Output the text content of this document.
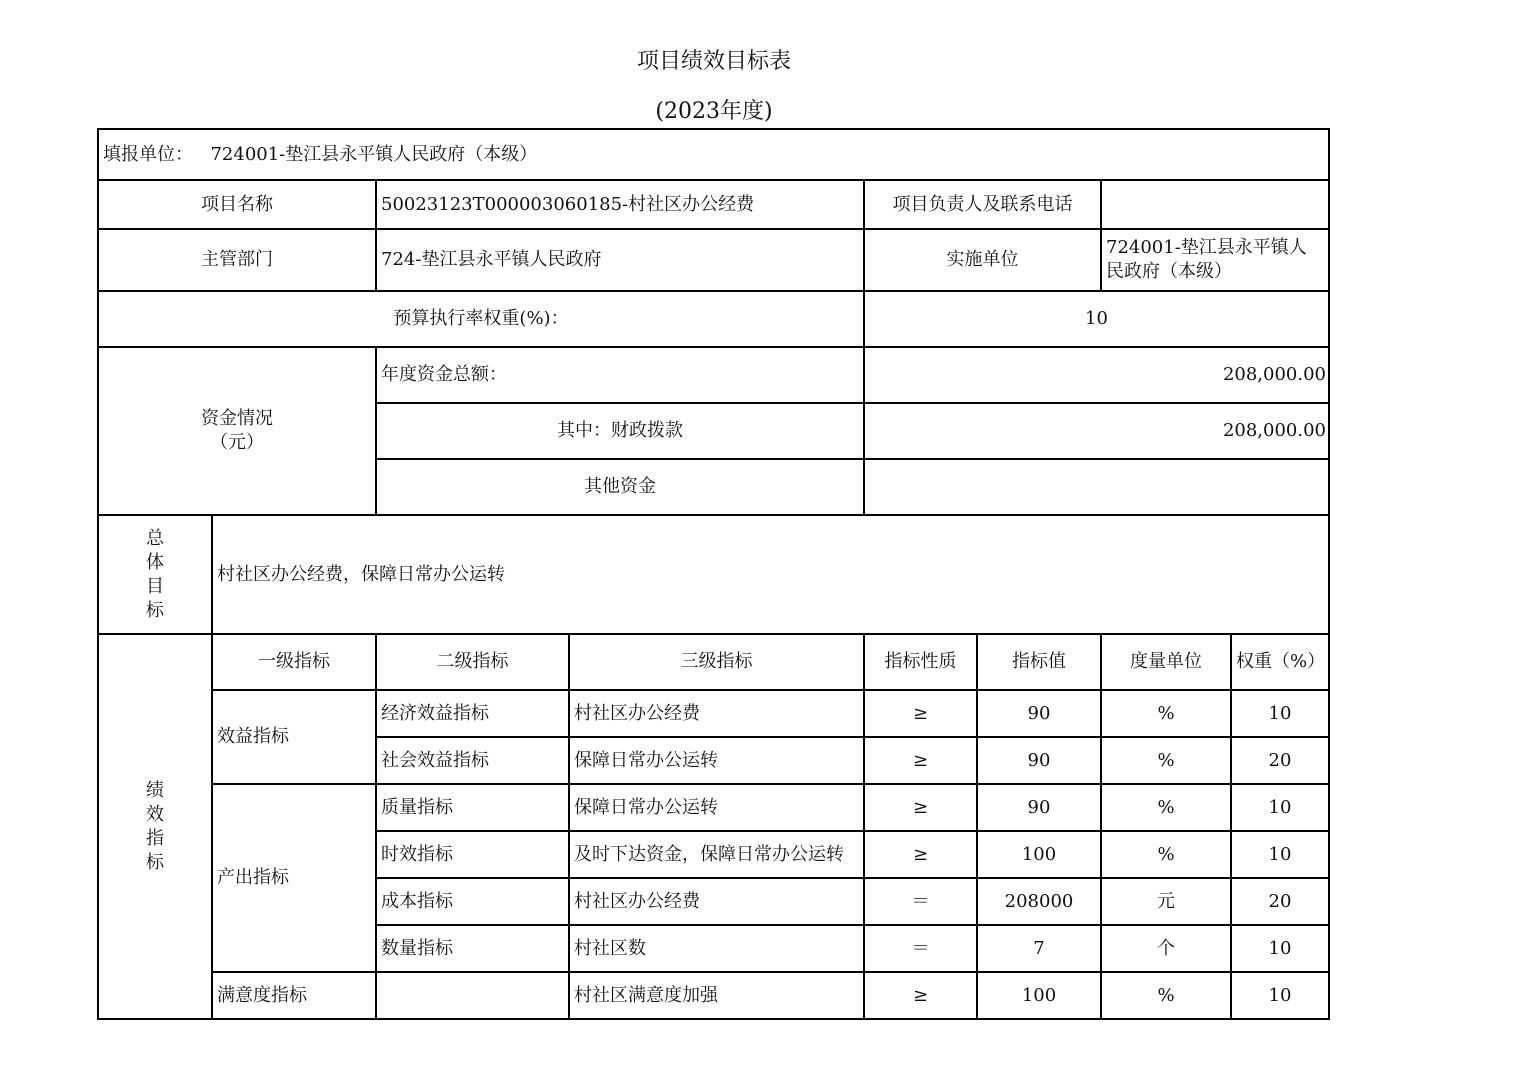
项目绩效目标表
(2023年度)
填报单位： 724001-垫江县永平镇人民政府（本级）							
项目名称		50023123T000003060185-村社区办公经费		项目负责人及联系电话			
主管部门		724-垫江县永平镇人民政府		实施单位		724001-垫江县永平镇人民政府（本级）	
预算执行率权重(%)：				10			

资金情况
（元）		年度资金总额：		208,000.00			
		其中：财政拨款		208,000.00			
		其他资金					

总
体
目
标	村社区办公经费，保障日常办公运转						

绩
效
指
标	一级指标	二级指标	三级指标	指标性质	指标值	度量单位	权重（%）
	效益指标	经济效益指标	村社区办公经费	≥	90	%	10
		社会效益指标	保障日常办公运转	≥	90	%	20
	产出指标	质量指标	保障日常办公运转	≥	90	%	10
		时效指标	及时下达资金，保障日常办公运转	≥	100	%	10
		成本指标	村社区办公经费	＝	208000	元	20
		数量指标	村社区数	＝	7	个	10
	满意度指标		村社区满意度加强	≥	100	%	10
